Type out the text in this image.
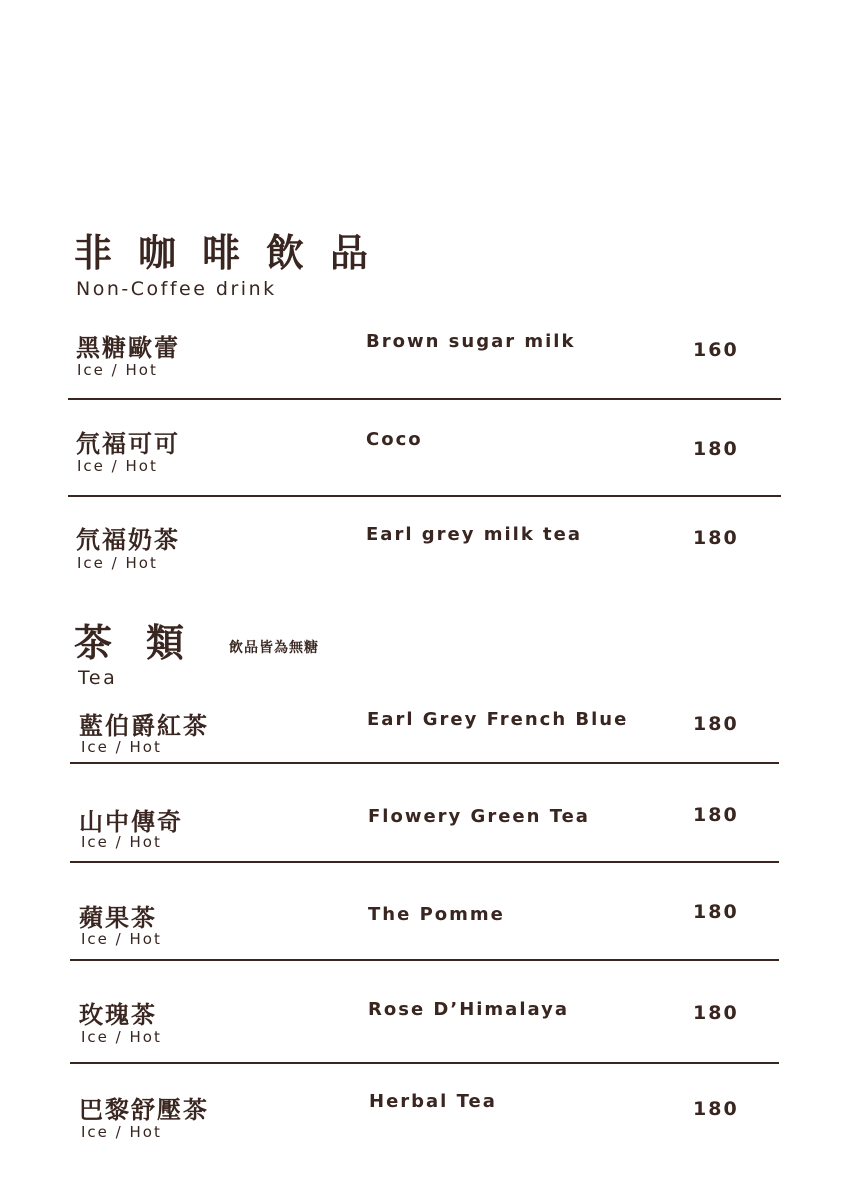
非咖啡飲品
Non-Coffee drink
黑糖歐蕾
Ice / Hot
Brown sugar milk	160
氘福可可
Ice / Hot
Coco	180
氘福奶茶
Ice / Hot
Earl grey milk tea	180
茶類 飲品皆為無糖
Tea
藍伯爵紅茶
Ice / Hot
Earl Grey French Blue	180
山中傳奇
Ice / Hot
Flowery Green Tea	180
蘋果茶
Ice / Hot
The Pomme	180
玫瑰茶
Ice / Hot
Rose D’Himalaya	180
巴黎舒壓茶
Ice / Hot
Herbal Tea	180
